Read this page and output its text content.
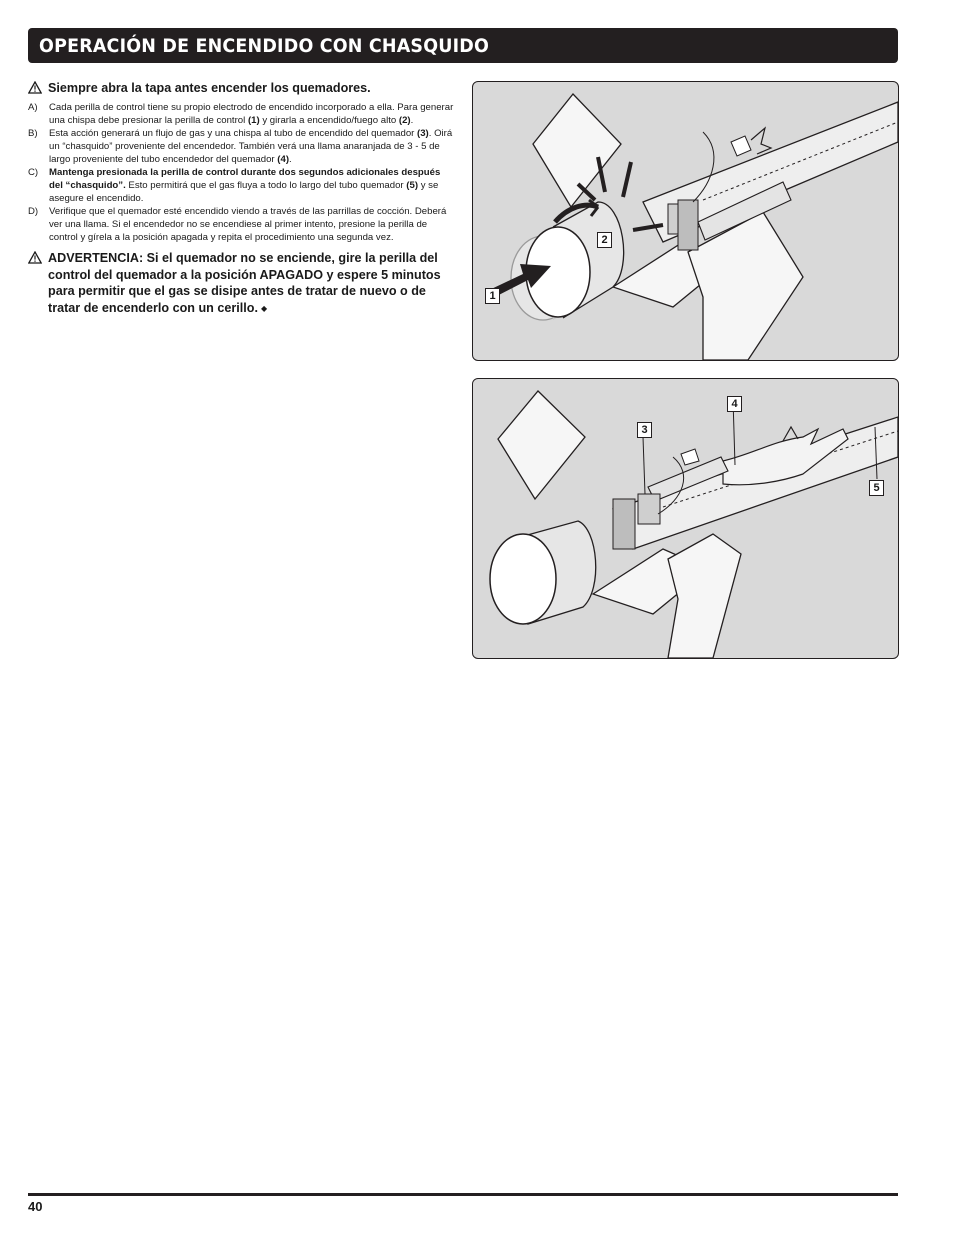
OPERACIÓN DE ENCENDIDO CON CHASQUIDO
Siempre abra la tapa antes encender los quemadores.
A)	Cada perilla de control tiene su propio electrodo de encendido incorporado a ella. Para generar una chispa debe presionar la perilla de control (1) y girarla a encendido/fuego alto (2).
B)	Esta acción generará un flujo de gas y una chispa al tubo de encendido del quemador (3). Oirá un “chasquido” proveniente del encendedor. También verá una llama anaranjada de 3 - 5 de largo proveniente del tubo encendedor del quemador (4).
C)	Mantenga presionada la perilla de control durante dos segundos adicionales después del “chasquido”. Esto permitirá que el gas fluya a todo lo largo del tubo quemador (5) y se asegure el encendido.
D)	Verifique que el quemador esté encendido viendo a través de las parrillas de cocción. Deberá ver una llama. Si el encendedor no se encendiese al primer intento, presione la perilla de control y gírela a la posición apagada y repita el procedimiento una segunda vez.
ADVERTENCIA: Si el quemador no se enciende, gire la perilla del control del quemador a la posición APAGADO y espere 5 minutos para permitir que el gas se disipe antes de tratar de nuevo o de tratar de encenderlo con un cerillo. ◆
2
1
4
3
5
40
